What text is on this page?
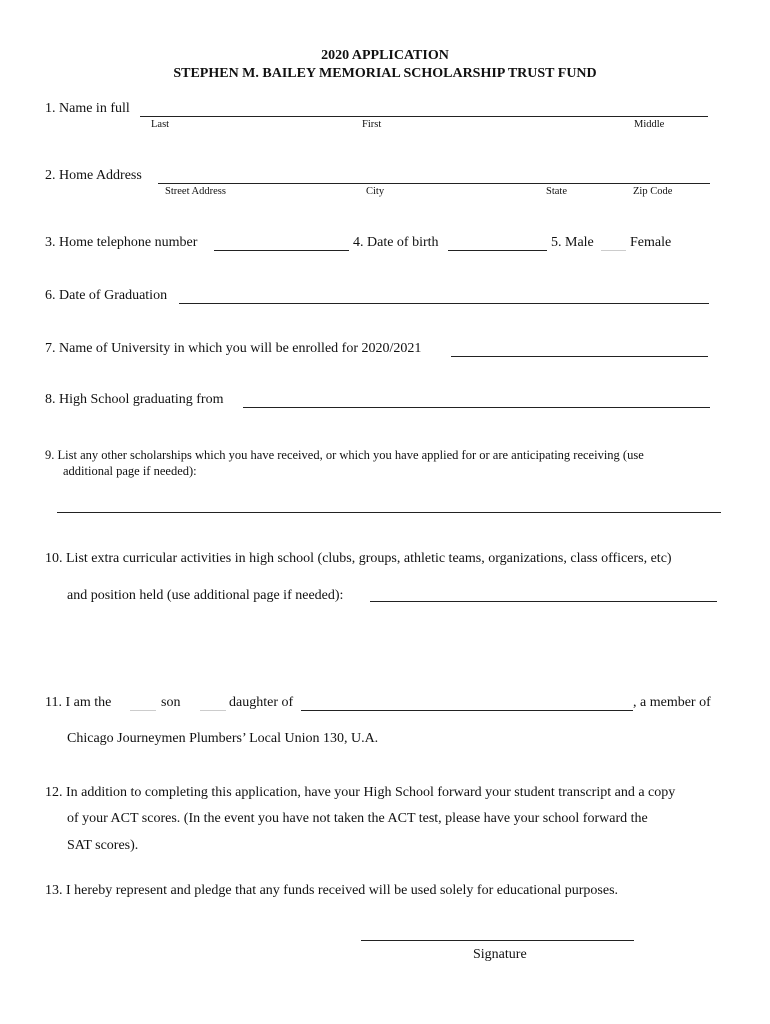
2020 APPLICATION
STEPHEN M. BAILEY MEMORIAL SCHOLARSHIP TRUST FUND
1. Name in full
Last	First	Middle
2. Home Address
Street Address	City	State	Zip Code
3. Home telephone number	4. Date of birth	5. Male	Female
6. Date of Graduation
7. Name of University in which you will be enrolled for 2020/2021
8. High School graduating from
9. List any other scholarships which you have received, or which you have applied for or are anticipating receiving (use
additional page if needed):
10. List extra curricular activities in high school (clubs, groups, athletic teams, organizations, class officers, etc)
and position held (use additional page if needed):
11. I am the	son	daughter of	, a member of
Chicago Journeymen Plumbers’ Local Union 130, U.A.
12. In addition to completing this application, have your High School forward your student transcript and a copy
of your ACT scores. (In the event you have not taken the ACT test, please have your school forward the
SAT scores).
13. I hereby represent and pledge that any funds received will be used solely for educational purposes.
Signature
